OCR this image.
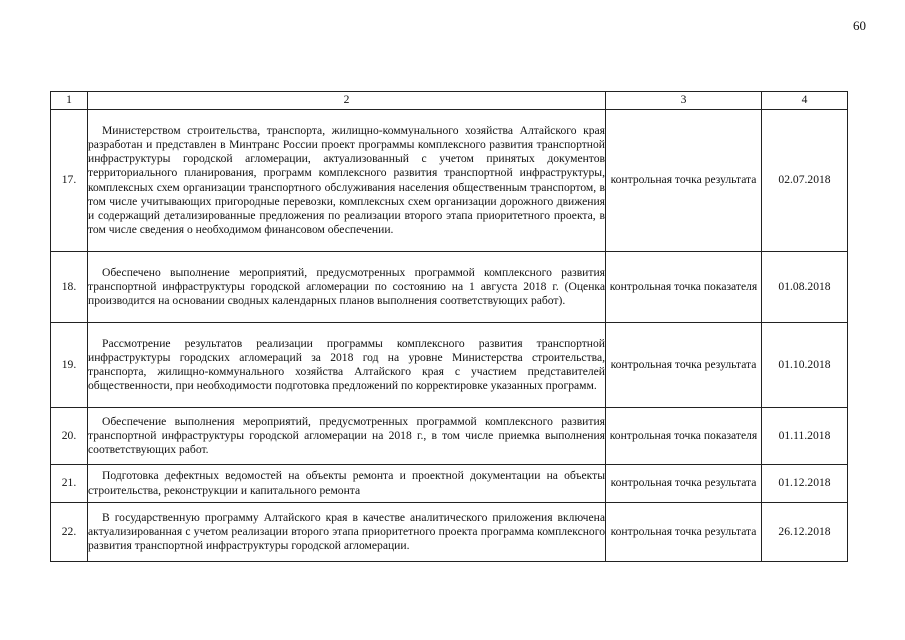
60
1	2	3	4
17.	Министерством строительства, транспорта, жилищно-коммунального хозяйства Алтайского края разработан и представлен в Минтранс России проект программы комплексного развития транспортной инфраструктуры городской агломерации, актуализованный с учетом принятых документов территориального планирования, программ комплексного развития транспортной инфраструктуры, комплексных схем организации транспортного обслуживания населения общественным транспортом, в том числе учитывающих пригородные перевозки, комплексных схем организации дорожного движения и содержащий детализированные предложения по реализации второго этапа приоритетного проекта, в том числе сведения о необходимом финансовом обеспечении.	контрольная точка результата	02.07.2018
18.	Обеспечено выполнение мероприятий, предусмотренных программой комплексного развития транспортной инфраструктуры городской агломерации по состоянию на 1 августа 2018 г. (Оценка производится на основании сводных календарных планов выполнения соответствующих работ).	контрольная точка показателя	01.08.2018
19.	Рассмотрение результатов реализации программы комплексного развития транспортной инфраструктуры городских агломераций за 2018 год на уровне Министерства строительства, транспорта, жилищно-коммунального хозяйства Алтайского края с участием представителей общественности, при необходимости подготовка предложений по корректировке указанных программ.	контрольная точка результата	01.10.2018
20.	Обеспечение выполнения мероприятий, предусмотренных программой комплексного развития транспортной инфраструктуры городской агломерации на 2018 г., в том числе приемка выполнения соответствующих работ.	контрольная точка показателя	01.11.2018
21.	Подготовка дефектных ведомостей на объекты ремонта и проектной документации на объекты строительства, реконструкции и капитального ремонта	контрольная точка результата	01.12.2018
22.	В государственную программу Алтайского края в качестве аналитического приложения включена актуализированная с учетом реализации второго этапа приоритетного проекта программа комплексного развития транспортной инфраструктуры городской агломерации.	контрольная точка результата	26.12.2018
